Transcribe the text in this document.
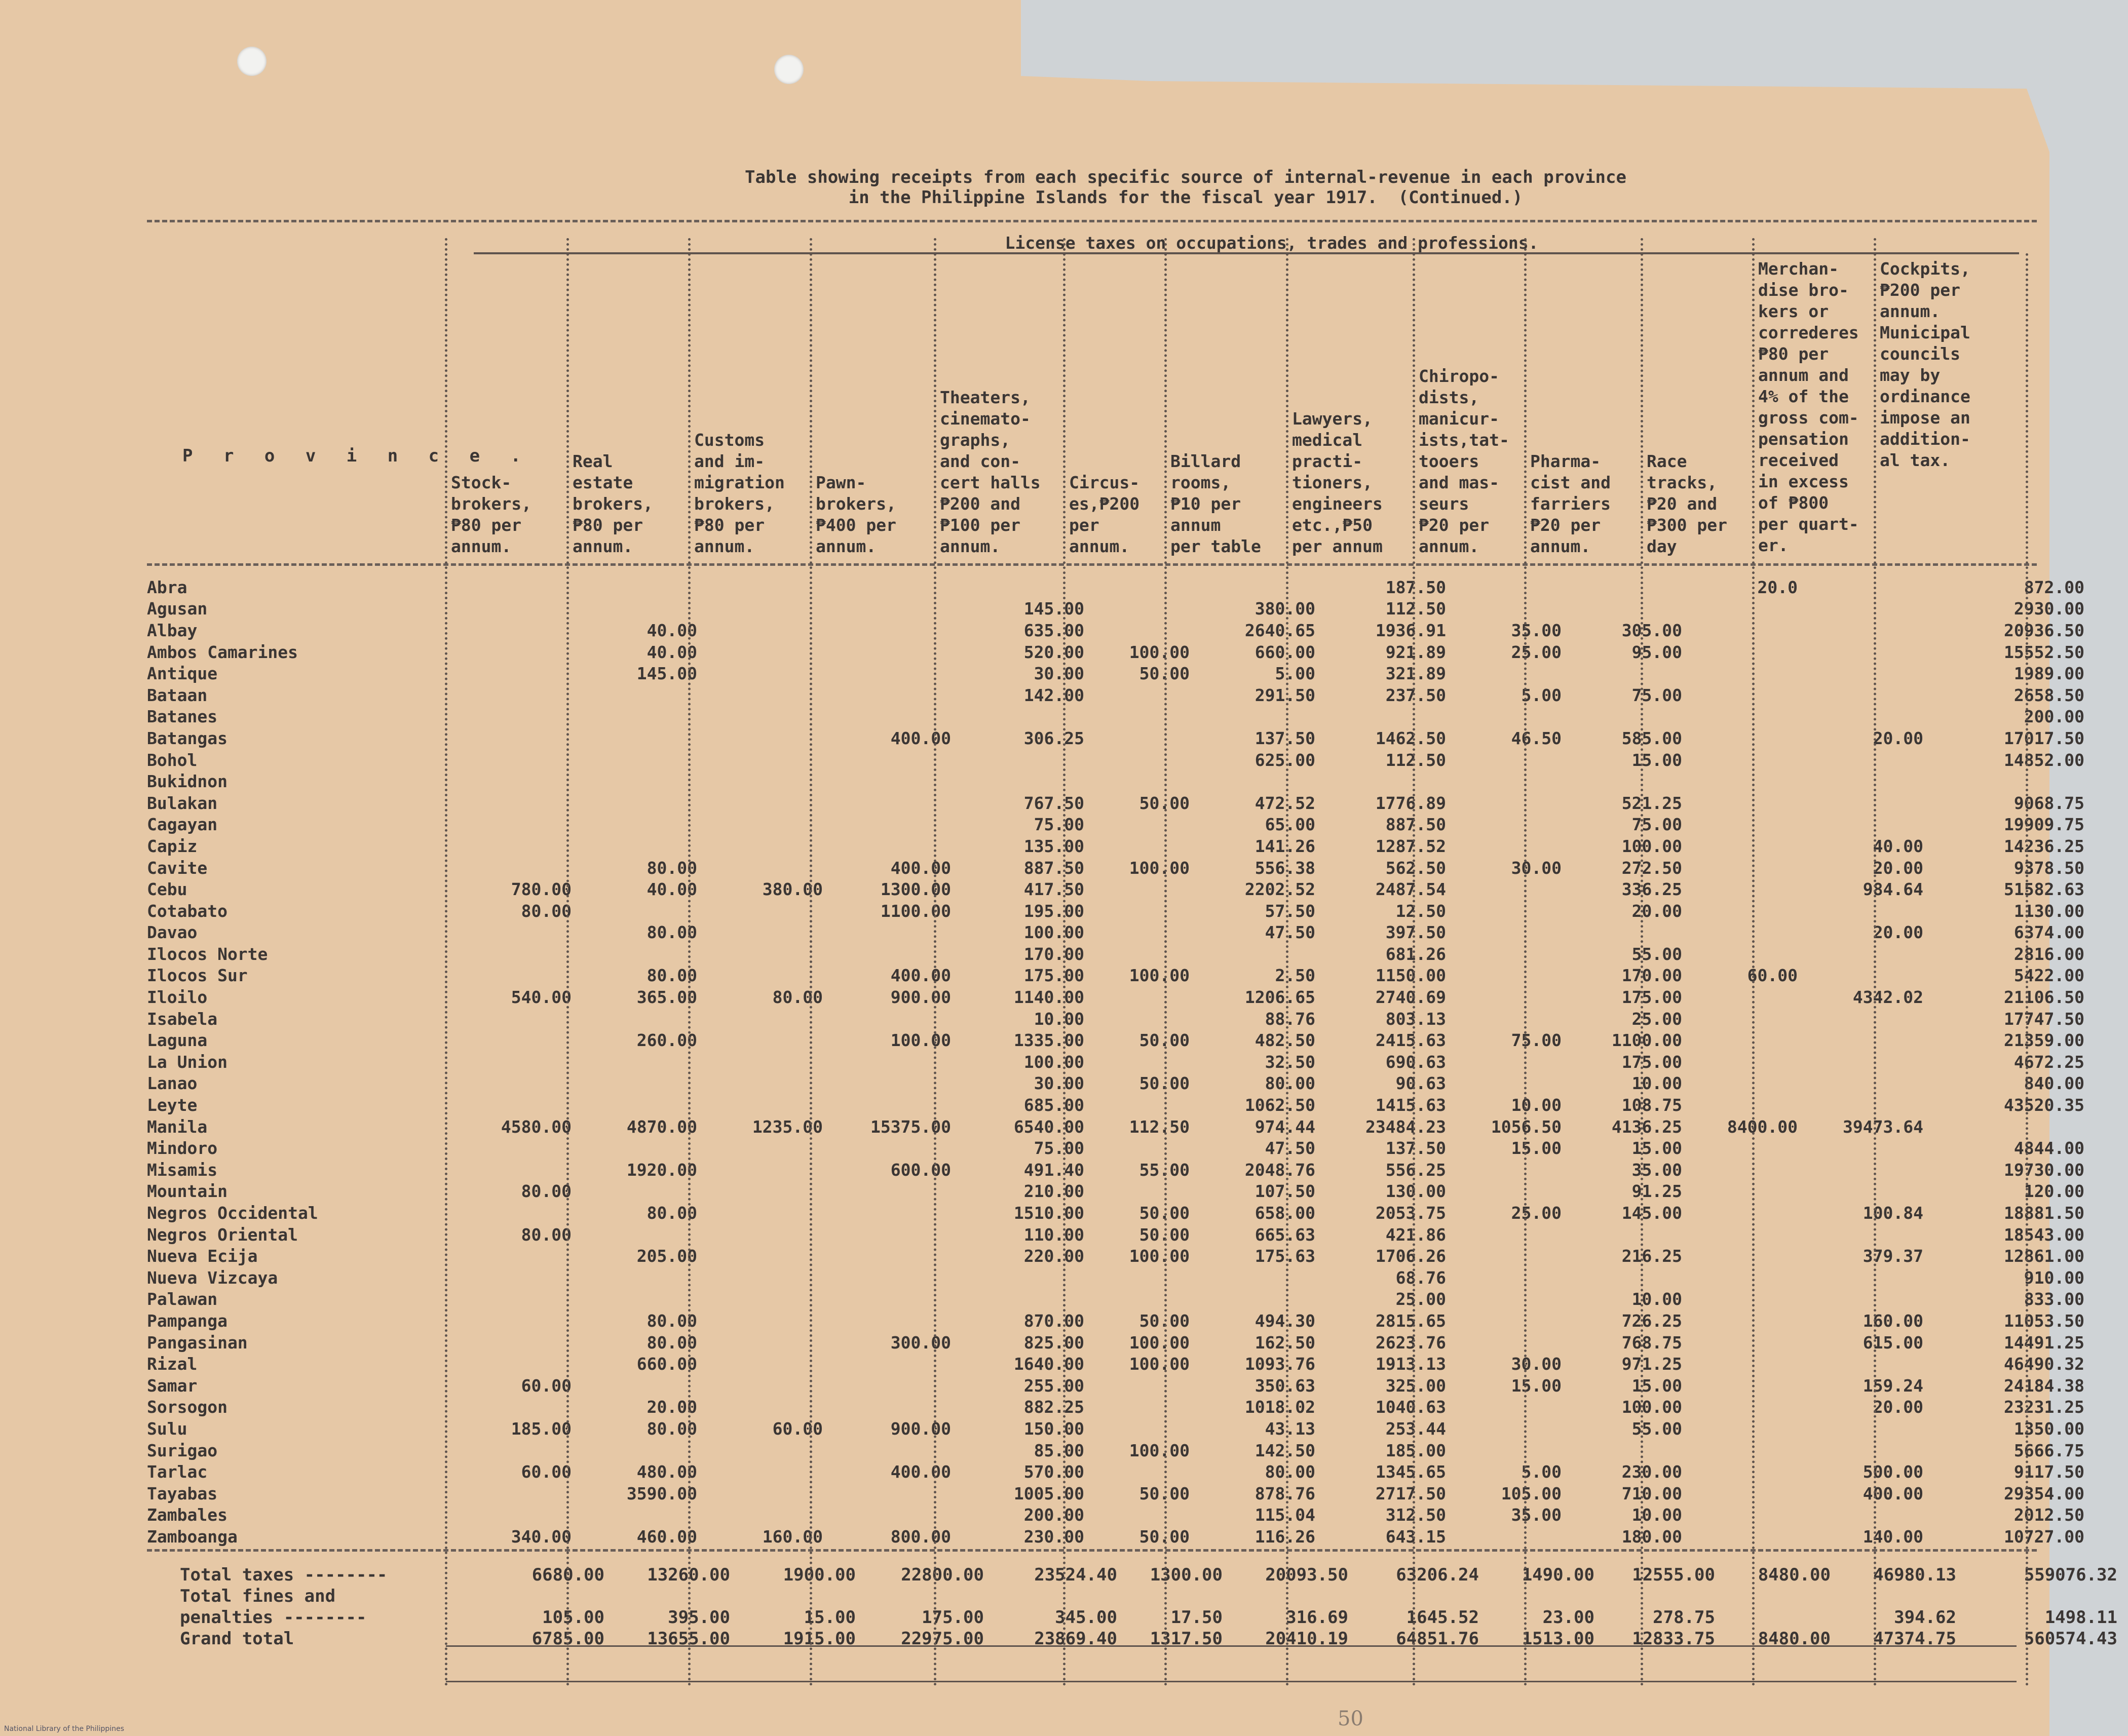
Table showing receipts from each specific source of internal-revenue in each province
in the Philippine Islands for the fiscal year 1917.  (Continued.)
License taxes on occupations, trades and professions.
P r o v i n c e .
Stock-
brokers,
₱80 per
annum.
Real
estate
brokers,
₱80 per
annum.
Customs
and im-
migration
brokers,
₱80 per
annum.
Pawn-
brokers,
₱400 per
annum.
Theaters,
cinemato-
graphs,
and con-
cert halls
₱200 and
₱100 per
annum.
Circus-
es,₱200
per
annum.
Billard
rooms,
₱10 per
annum
per table
Lawyers,
medical
practi-
tioners,
engineers
etc.,₱50
per annum
Chiropo-
dists,
manicur-
ists,tat-
tooers
and mas-
seurs
₱20 per
annum.
Pharma-
cist and
farriers
₱20 per
annum.
Race
tracks,
₱20 and
₱300 per
day
Merchan-
dise bro-
kers or
correderes
₱80 per
annum and
4% of the
gross com-
pensation
received
in excess
of ₱800
per quart-
er.
Cockpits,
₱200 per
annum.
Municipal
councils
may by
ordinance
impose an
addition-
al tax.
Abra								187.50			20.0		872.00
Agusan					145.00		380.00	112.50					2930.00
Albay		40.00			635.00		2640.65	1936.91	35.00	305.00			20936.50
Ambos Camarines		40.00			520.00	100.00	660.00	921.89	25.00	95.00			15552.50
Antique		145.00			30.00	50.00	5.00	321.89					1989.00
Bataan					142.00		291.50	237.50	5.00	75.00			2658.50
Batanes													200.00
Batangas				400.00	306.25		137.50	1462.50	46.50	585.00		20.00	17017.50
Bohol							625.00	112.50		15.00			14852.00
Bukidnon													
Bulakan					767.50	50.00	472.52	1776.89		521.25			9068.75
Cagayan					75.00		65.00	887.50		75.00			19909.75
Capiz					135.00		141.26	1287.52		100.00		40.00	14236.25
Cavite		80.00		400.00	887.50	100.00	556.38	562.50	30.00	272.50		20.00	9378.50
Cebu	780.00	40.00	380.00	1300.00	417.50		2202.52	2487.54		336.25		984.64	51582.63
Cotabato	80.00			1100.00	195.00		57.50	12.50		20.00			1130.00
Davao		80.00			100.00		47.50	397.50				20.00	6374.00
Ilocos Norte					170.00			681.26		55.00			2816.00
Ilocos Sur		80.00		400.00	175.00	100.00	2.50	1150.00		170.00	60.00		5422.00
Iloilo	540.00	365.00	80.00	900.00	1140.00		1206.65	2740.69		175.00		4342.02	21106.50
Isabela					10.00		88.76	803.13		25.00			17747.50
Laguna		260.00		100.00	1335.00	50.00	482.50	2415.63	75.00	1100.00			21359.00
La Union					100.00		32.50	690.63		175.00			4672.25
Lanao					30.00	50.00	80.00	90.63		10.00			840.00
Leyte					685.00		1062.50	1415.63	10.00	108.75			43520.35
Manila	4580.00	4870.00	1235.00	15375.00	6540.00	112.50	974.44	23484.23	1056.50	4136.25	8400.00	39473.64	
Mindoro					75.00		47.50	137.50	15.00	15.00			4844.00
Misamis		1920.00		600.00	491.40	55.00	2048.76	556.25		35.00			19730.00
Mountain	80.00				210.00		107.50	130.00		91.25			120.00
Negros Occidental		80.00			1510.00	50.00	658.00	2053.75	25.00	145.00		100.84	18881.50
Negros Oriental	80.00				110.00	50.00	665.63	421.86					18543.00
Nueva Ecija		205.00			220.00	100.00	175.63	1706.26		216.25		379.37	12861.00
Nueva Vizcaya								68.76					910.00
Palawan								25.00		10.00			833.00
Pampanga		80.00			870.00	50.00	494.30	2815.65		726.25		160.00	11053.50
Pangasinan		80.00		300.00	825.00	100.00	162.50	2623.76		768.75		615.00	14491.25
Rizal		660.00			1640.00	100.00	1093.76	1913.13	30.00	971.25			46490.32
Samar	60.00				255.00		350.63	325.00	15.00	15.00		159.24	24184.38
Sorsogon		20.00			882.25		1018.02	1040.63		100.00		20.00	23231.25
Sulu	185.00	80.00	60.00	900.00	150.00		43.13	253.44		55.00			1350.00
Surigao					85.00	100.00	142.50	185.00					5666.75
Tarlac	60.00	480.00		400.00	570.00		80.00	1345.65	5.00	230.00		500.00	9117.50
Tayabas		3590.00			1005.00	50.00	878.76	2717.50	105.00	710.00		400.00	29354.00
Zambales					200.00		115.04	312.50	35.00	10.00			2012.50
Zamboanga	340.00	460.00	160.00	800.00	230.00	50.00	116.26	643.15		180.00		140.00	10727.00
Total taxes --------	6680.00	13260.00	1900.00	22800.00	23524.40	1300.00	20093.50	63206.24	1490.00	12555.00	8480.00	46980.13	559076.32
Total fines and													
penalties --------	105.00	395.00	15.00	175.00	345.00	17.50	316.69	1645.52	23.00	278.75		394.62	1498.11
Grand total	6785.00	13655.00	1915.00	22975.00	23869.40	1317.50	20410.19	64851.76	1513.00	12833.75	8480.00	47374.75	560574.43
National Library of the Philippines	50
